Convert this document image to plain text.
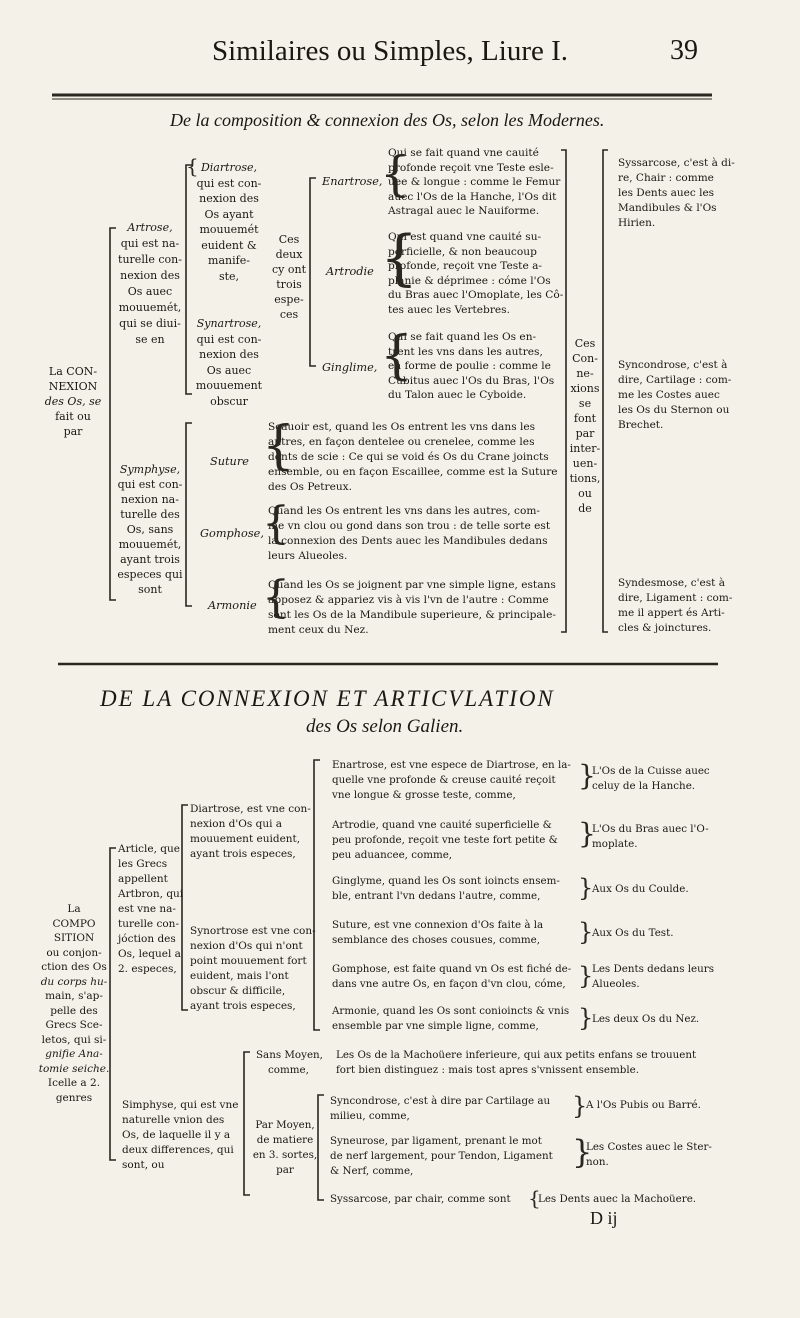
Similaires ou Simples, Liure I.	39
De la composition & connexion des Os, selon les Modernes.
La CON-
NEXION
des Os, se
fait ou
par
Artrose,
qui est na-
turelle con-
nexion des
Os auec
mouuemét,
qui se diui-
se en
Symphyse,
qui est con-
nexion na-
turelle des
Os, sans
mouuemét,
ayant trois
especes qui
sont
Diartrose,
qui est con-
nexion des
Os ayant
mouuemét
euident &
manife-
ste,
Synartrose,
qui est con-
nexion des
Os auec
mouuement
obscur
Ces
deux
cy ont
trois
espe-
ces
Enartrose,
Qui se fait quand vne cauité
profonde reçoit vne Teste esle-
uee & longue : comme le Femur
auec l'Os de la Hanche, l'Os dit
Astragal auec le Nauiforme.
Artrodie
Qui est quand vne cauité su-
perficielle, & non beaucoup
profonde, reçoit vne Teste a-
planie & déprimee : cóme l'Os
du Bras auec l'Omoplate, les Cô-
tes auec les Vertebres.
Ginglime,
Qui se fait quand les Os en-
trent les vns dans les autres,
en forme de poulie : comme le
Cubitus auec l'Os du Bras, l'Os
du Talon auec le Cyboide.
Suture
Sçauoir est, quand les Os entrent les vns dans les
autres, en façon dentelee ou crenelee, comme les
dents de scie : Ce qui se void és Os du Crane joincts
ensemble, ou en façon Escaillee, comme est la Suture
des Os Petreux.
Gomphose,
Quand les Os entrent les vns dans les autres, com-
me vn clou ou gond dans son trou : de telle sorte est
la connexion des Dents auec les Mandibules dedans
leurs Alueoles.
Armonie
Quand les Os se joignent par vne simple ligne, estans
apposez & appariez vis à vis l'vn de l'autre : Comme
sont les Os de la Mandibule superieure, & principale-
ment ceux du Nez.
Ces
Con-
ne-
xions
se
font
par
inter-
uen-
tions,
ou
de
Syssarcose, c'est à di-
re, Chair : comme
les Dents auec les
Mandibules & l'Os
Hirien.
Syncondrose, c'est à
dire, Cartilage : com-
me les Costes auec
les Os du Sternon ou
Brechet.
Syndesmose, c'est à
dire, Ligament : com-
me il appert és Arti-
cles & joinctures.
DE LA CONNEXION ET ARTICVLATION
des Os selon Galien.
La
COMPO
SITION
ou conjon-
ction des Os
du corps hu-
main, s'ap-
pelle des
Grecs Sce-
letos, qui si-
gnifie Ana-
tomie seiche.
Icelle a 2.
genres
Article, que
les Grecs
appellent
Artbron, qui
est vne na-
turelle con-
jóction des
Os, lequel a
2. especes,
Simphyse, qui est vne
naturelle vnion des
Os, de laquelle il y a
deux differences, qui
sont, ou
Diartrose, est vne con-
nexion d'Os qui a
mouuement euident,
ayant trois especes,
Synortrose est vne con-
nexion d'Os qui n'ont
point mouuement fort
euident, mais l'ont
obscur & difficile,
ayant trois especes,
Enartrose, est vne espece de Diartrose, en la-
quelle vne profonde & creuse cauité reçoit
vne longue & grosse teste, comme,
L'Os de la Cuisse auec
celuy de la Hanche.
Artrodie, quand vne cauité superficielle &
peu profonde, reçoit vne teste fort petite &
peu aduancee, comme,
L'Os du Bras auec l'O-
moplate.
Ginglyme, quand les Os sont ioincts ensem-
ble, entrant l'vn dedans l'autre, comme,
Aux Os du Coulde.
Suture, est vne connexion d'Os faite à la
semblance des choses cousues, comme,
Aux Os du Test.
Gomphose, est faite quand vn Os est fiché de-
dans vne autre Os, en façon d'vn clou, cóme,
Les Dents dedans leurs
Alueoles.
Armonie, quand les Os sont conioincts & vnis
ensemble par vne simple ligne, comme,
Les deux Os du Nez.
Sans Moyen,
comme,
Les Os de la Machoüere inferieure, qui aux petits enfans se trouuent
fort bien distinguez : mais tost apres s'vnissent ensemble.
Par Moyen,
de matiere
en 3. sortes,
par
Syncondrose, c'est à dire par Cartilage au
milieu, comme,
A l'Os Pubis ou Barré.
Syneurose, par ligament, prenant le mot
de nerf largement, pour Tendon, Ligament
& Nerf, comme,
Les Costes auec le Ster-
non.
Syssarcose, par chair, comme sont	Les Dents auec la Machoüere.
D ij
{	{
{
{
{
{
{
}
}
}
}
}
}
}
}
{
